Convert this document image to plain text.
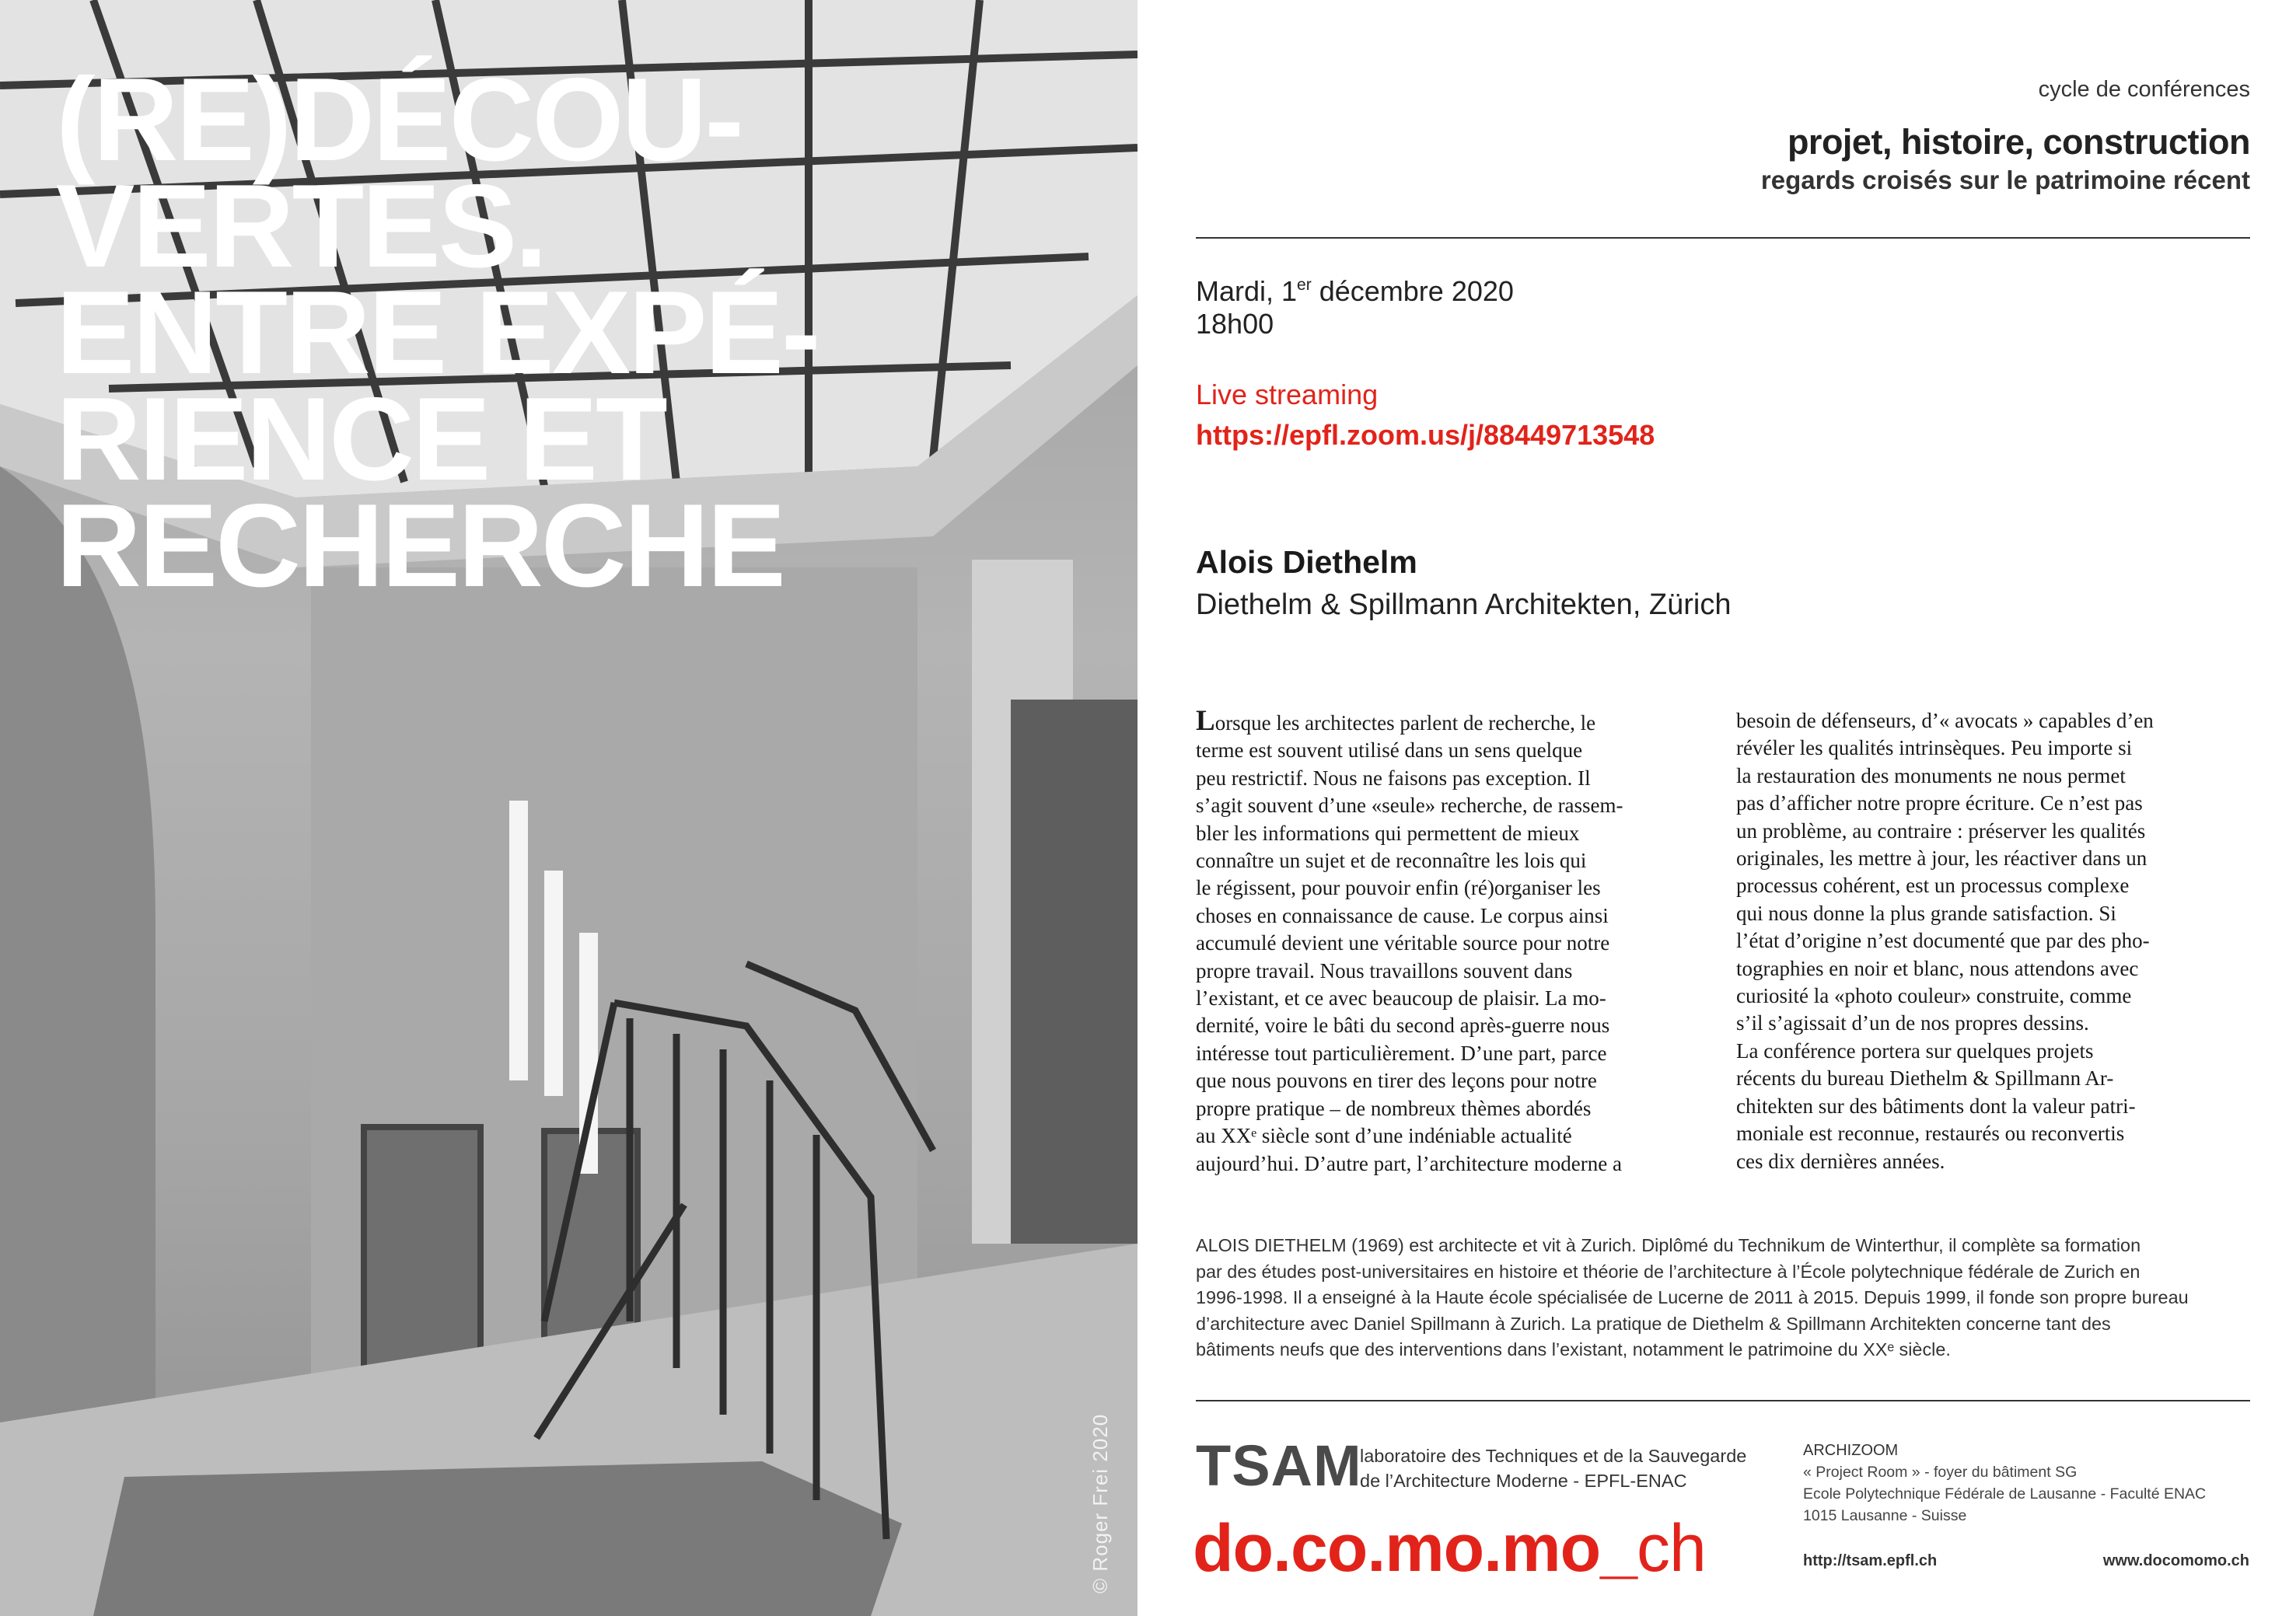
(RE)DÉCOU-
VERTES.
ENTRE EXPÉ-
RIENCE ET
RECHERCHE
© Roger Frei 2020
cycle de conférences
projet, histoire, construction
regards croisés sur le patrimoine récent
Mardi, 1er décembre 2020
18h00
Live streaming
https://epfl.zoom.us/j/88449713548
Alois Diethelm
Diethelm & Spillmann Architekten, Zürich

Lorsque les architectes parlent de recherche, le

terme est souvent utilisé dans un sens quelque

peu restrictif. Nous ne faisons pas exception. Il

s’agit souvent d’une «seule» recherche, de rassem-

bler les informations qui permettent de mieux

connaître un sujet et de reconnaître les lois qui

le régissent, pour pouvoir enfin (ré)organiser les

choses en connaissance de cause. Le corpus ainsi

accumulé devient une véritable source pour notre

propre travail. Nous travaillons souvent dans

l’existant, et ce avec beaucoup de plaisir. La mo-

dernité, voire le bâti du second après-guerre nous

intéresse tout particulièrement. D’une part, parce

que nous pouvons en tirer des leçons pour notre

propre pratique – de nombreux thèmes abordés

au XXᵉ siècle sont d’une indéniable actualité

aujourd’hui. D’autre part, l’architecture moderne a

besoin de défenseurs, d’« avocats » capables d’en

révéler les qualités intrinsèques. Peu importe si

la restauration des monuments ne nous permet

pas d’afficher notre propre écriture. Ce n’est pas

un problème, au contraire : préserver les qualités

originales, les mettre à jour, les réactiver dans un

processus cohérent, est un processus complexe

qui nous donne la plus grande satisfaction. Si

l’état d’origine n’est documenté que par des pho-

tographies en noir et blanc, nous attendons avec

curiosité la «photo couleur» construite, comme

s’il s’agissait d’un de nos propres dessins.

La conférence portera sur quelques projets

récents du bureau Diethelm & Spillmann Ar-

chitekten sur des bâtiments dont la valeur patri-

moniale est reconnue, restaurés ou reconvertis

ces dix dernières années.

ALOIS DIETHELM (1969) est architecte et vit à Zurich. Diplômé du Technikum de Winterthur, il complète sa formation

par des études post-universitaires en histoire et théorie de l’architecture à l’École polytechnique fédérale de Zurich en

1996-1998. Il a enseigné à la Haute école spécialisée de Lucerne de 2011 à 2015. Depuis 1999, il fonde son propre bureau

d’architecture avec Daniel Spillmann à Zurich. La pratique de Diethelm & Spillmann Architekten concerne tant des

bâtiments neufs que des interventions dans l’existant, notamment le patrimoine du XXᵉ siècle.

TSAM
laboratoire des Techniques et de la Sauvegarde
de l’Architecture Moderne - EPFL-ENAC
do.co.mo.mo_ch
ARCHIZOOM
« Project Room » - foyer du bâtiment SG
Ecole Polytechnique Fédérale de Lausanne - Faculté ENAC
1015 Lausanne - Suisse
http://tsam.epfl.ch	www.docomomo.ch
